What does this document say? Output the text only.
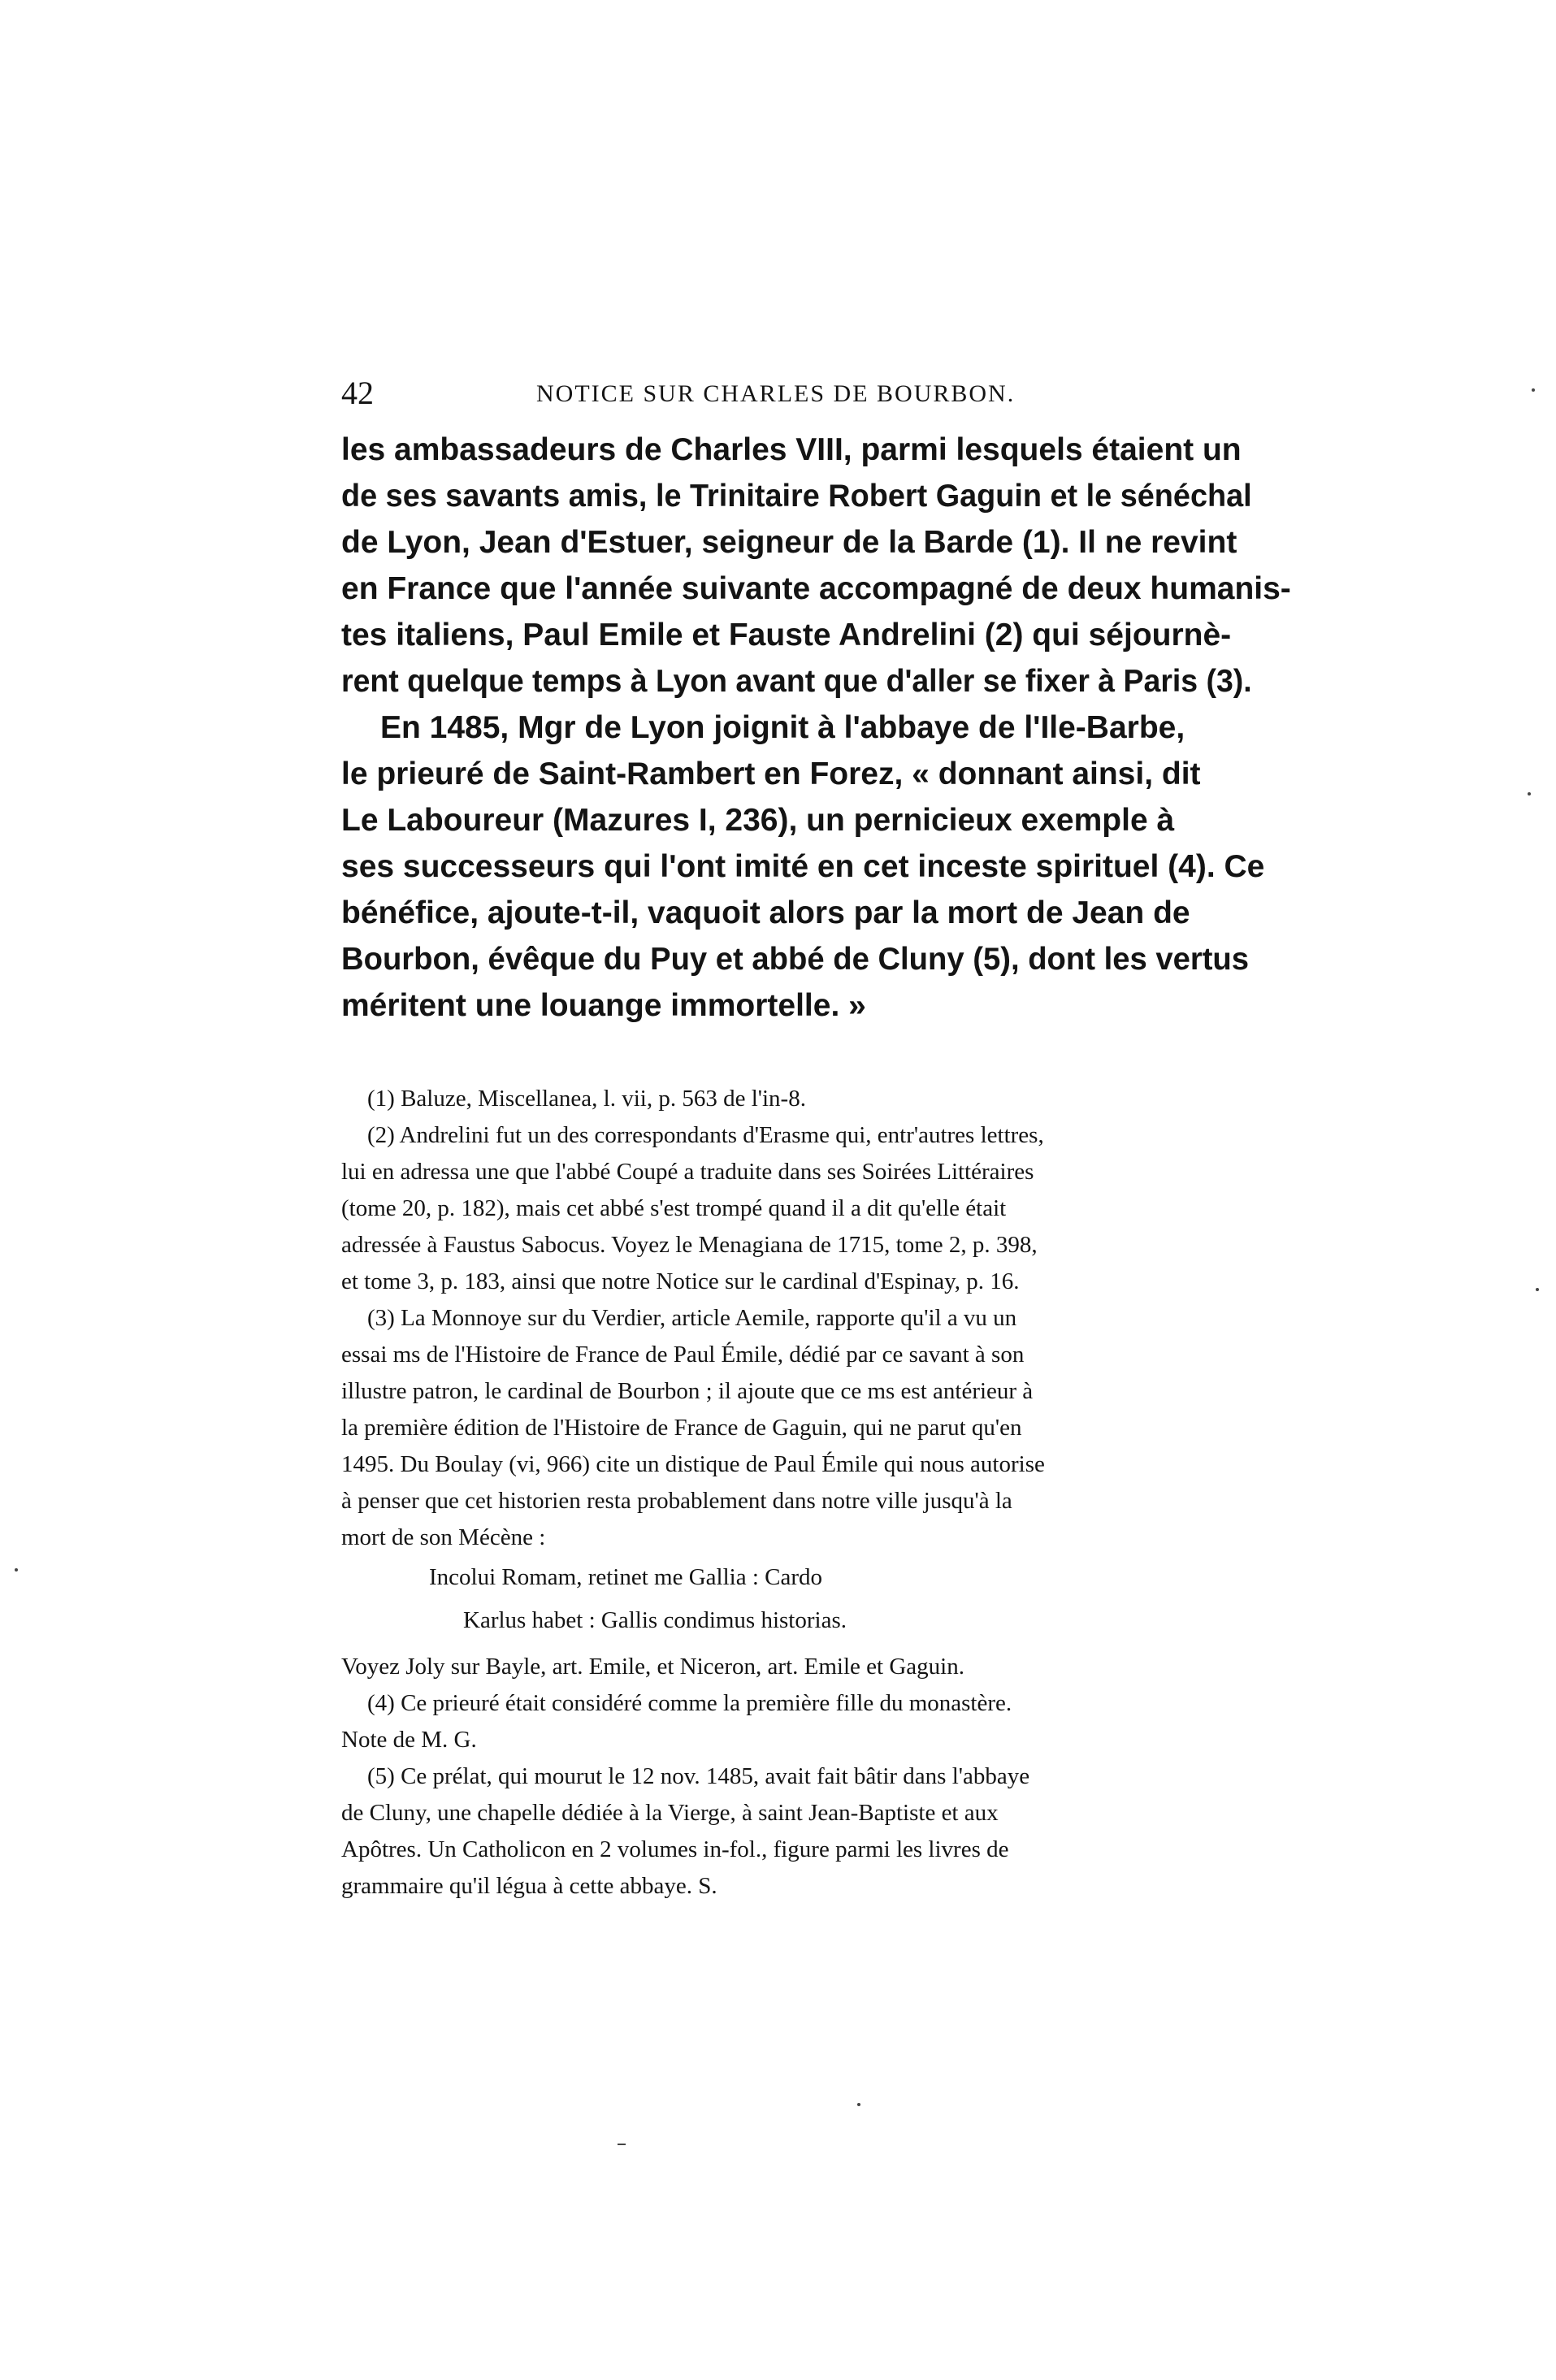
42	NOTICE SUR CHARLES DE BOURBON.
les ambassadeurs de Charles VIII, parmi lesquels étaient un
de ses savants amis, le Trinitaire Robert Gaguin et le sénéchal
de Lyon, Jean d'Estuer, seigneur de la Barde (1). Il ne revint
en France que l'année suivante accompagné de deux humanis-
tes italiens, Paul Emile et Fauste Andrelini (2) qui séjournè-
rent quelque temps à Lyon avant que d'aller se fixer à Paris (3).
En 1485, Mgr de Lyon joignit à l'abbaye de l'Ile-Barbe,
le prieuré de Saint-Rambert en Forez, « donnant ainsi, dit
Le Laboureur (Mazures I, 236), un pernicieux exemple à
ses successeurs qui l'ont imité en cet inceste spirituel (4). Ce
bénéfice, ajoute-t-il, vaquoit alors par la mort de Jean de
Bourbon, évêque du Puy et abbé de Cluny (5), dont les vertus
méritent une louange immortelle. »
(1) Baluze, Miscellanea, l. vii, p. 563 de l'in-8.
(2) Andrelini fut un des correspondants d'Erasme qui, entr'autres lettres,
lui en adressa une que l'abbé Coupé a traduite dans ses Soirées Littéraires
(tome 20, p. 182), mais cet abbé s'est trompé quand il a dit qu'elle était
adressée à Faustus Sabocus. Voyez le Menagiana de 1715, tome 2, p. 398,
et tome 3, p. 183, ainsi que notre Notice sur le cardinal d'Espinay, p. 16.
(3) La Monnoye sur du Verdier, article Aemile, rapporte qu'il a vu un
essai ms de l'Histoire de France de Paul Émile, dédié par ce savant à son
illustre patron, le cardinal de Bourbon ; il ajoute que ce ms est antérieur à
la première édition de l'Histoire de France de Gaguin, qui ne parut qu'en
1495. Du Boulay (vi, 966) cite un distique de Paul Émile qui nous autorise
à penser que cet historien resta probablement dans notre ville jusqu'à la
mort de son Mécène :
Incolui Romam, retinet me Gallia : Cardo
Karlus habet : Gallis condimus historias.
Voyez Joly sur Bayle, art. Emile, et Niceron, art. Emile et Gaguin.
(4) Ce prieuré était considéré comme la première fille du monastère.
Note de M. G.
(5) Ce prélat, qui mourut le 12 nov. 1485, avait fait bâtir dans l'abbaye
de Cluny, une chapelle dédiée à la Vierge, à saint Jean-Baptiste et aux
Apôtres. Un Catholicon en 2 volumes in-fol., figure parmi les livres de
grammaire qu'il légua à cette abbaye. S.
